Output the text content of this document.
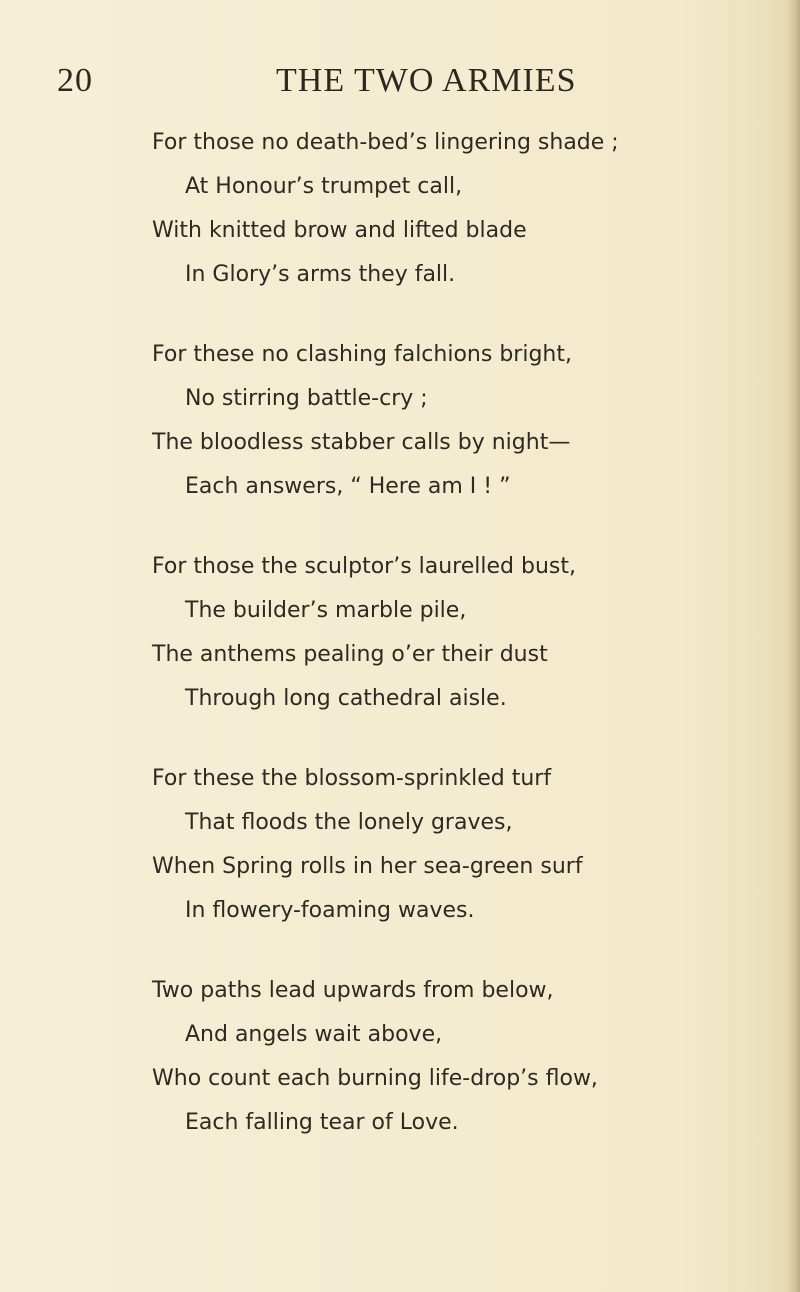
20	THE TWO ARMIES
For those no death-bed’s lingering shade ;
At Honour’s trumpet call,
With knitted brow and lifted blade
In Glory’s arms they fall.
For these no clashing falchions bright,
No stirring battle-cry ;
The bloodless stabber calls by night—
Each answers, “ Here am I ! ”
For those the sculptor’s laurelled bust,
The builder’s marble pile,
The anthems pealing o’er their dust
Through long cathedral aisle.
For these the blossom-sprinkled turf
That floods the lonely graves,
When Spring rolls in her sea-green surf
In flowery-foaming waves.
Two paths lead upwards from below,
And angels wait above,
Who count each burning life-drop’s flow,
Each falling tear of Love.
